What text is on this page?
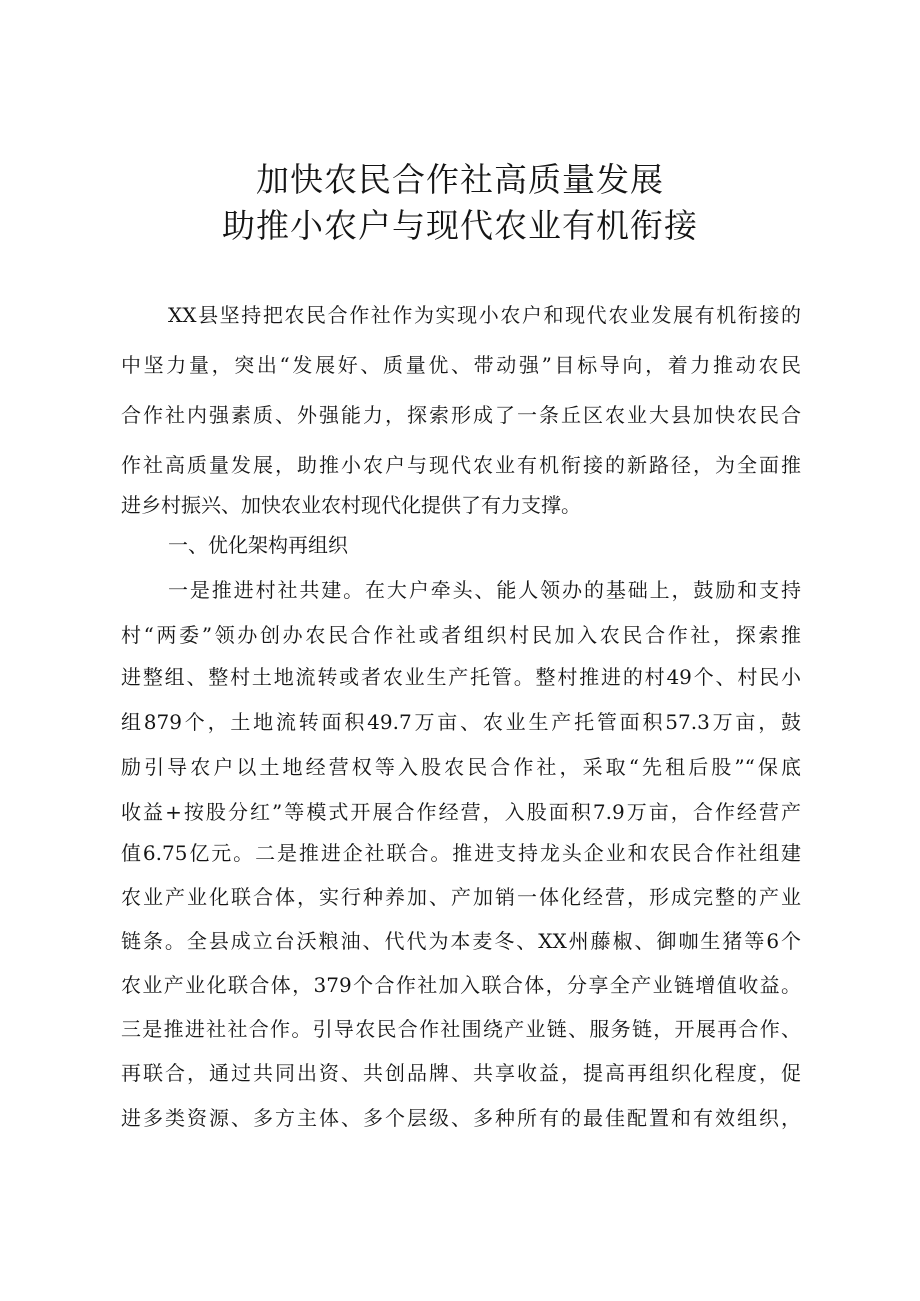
加快农民合作社高质量发展
助推小农户与现代农业有机衔接
XX县坚持把农民合作社作为实现小农户和现代农业发展有机衔接的
中坚力量，突出“发展好、质量优、带动强”目标导向，着力推动农民
合作社内强素质、外强能力，探索形成了一条丘区农业大县加快农民合
作社高质量发展，助推小农户与现代农业有机衔接的新路径，为全面推
进乡村振兴、加快农业农村现代化提供了有力支撑。
一、优化架构再组织
一是推进村社共建。在大户牵头、能人领办的基础上，鼓励和支持
村“两委”领办创办农民合作社或者组织村民加入农民合作社，探索推
进整组、整村土地流转或者农业生产托管。整村推进的村49个、村民小
组879个，土地流转面积49.7万亩、农业生产托管面积57.3万亩，鼓
励引导农户以土地经营权等入股农民合作社，采取“先租后股”“保底
收益+按股分红”等模式开展合作经营，入股面积7.9万亩，合作经营产
值6.75亿元。二是推进企社联合。推进支持龙头企业和农民合作社组建
农业产业化联合体，实行种养加、产加销一体化经营，形成完整的产业
链条。全县成立台沃粮油、代代为本麦冬、XX州藤椒、御咖生猪等6个
农业产业化联合体，379个合作社加入联合体，分享全产业链增值收益。
三是推进社社合作。引导农民合作社围绕产业链、服务链，开展再合作、
再联合，通过共同出资、共创品牌、共享收益，提高再组织化程度，促
进多类资源、多方主体、多个层级、多种所有的最佳配置和有效组织，
